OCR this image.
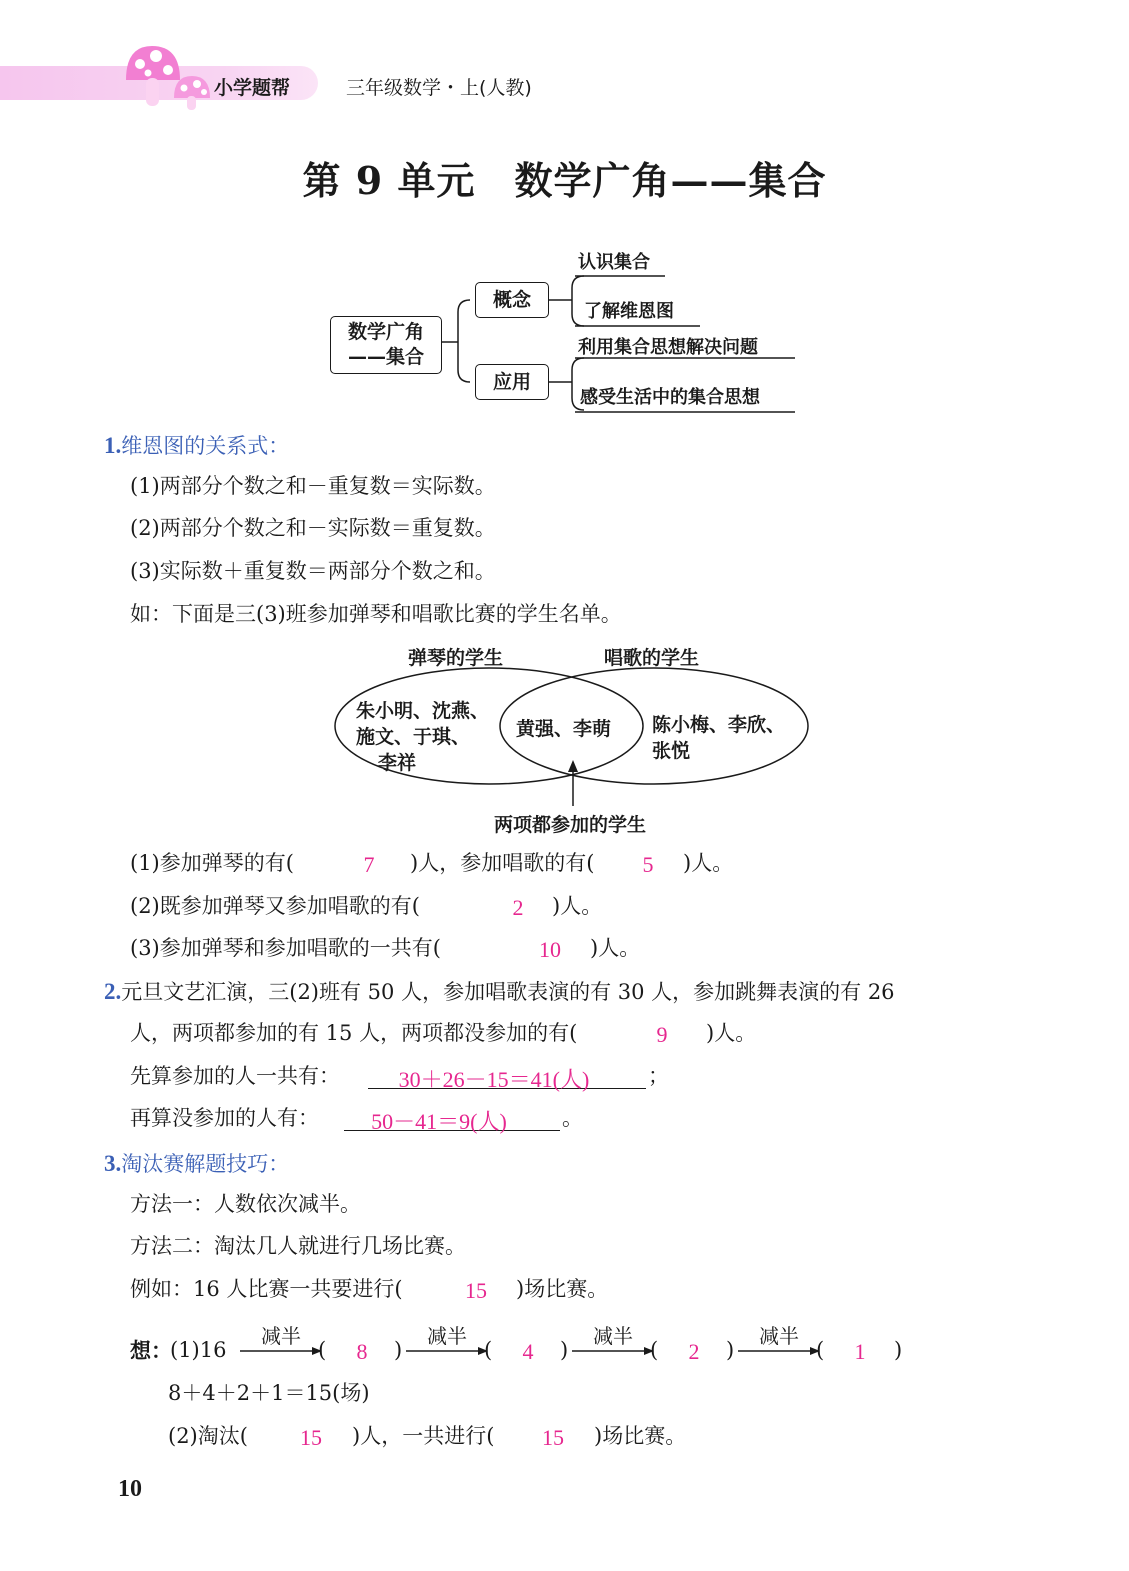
小学题帮	三年级数学・上(人教)
第 9 单元　数学广角——集合
数学广角
——集合
概念
应用
认识集合
了解维恩图
利用集合思想解决问题
感受生活中的集合思想
1.维恩图的关系式：
(1)两部分个数之和－重复数＝实际数。
(2)两部分个数之和－实际数＝重复数。
(3)实际数＋重复数＝两部分个数之和。
如：下面是三(3)班参加弹琴和唱歌比赛的学生名单。
弹琴的学生	唱歌的学生
朱小明、沈燕、
施文、于琪、
李祥
黄强、李萌 陈小梅、李欣、
张悦
两项都参加的学生
(1)参加弹琴的有(	7	)人，参加唱歌的有(	5	)人。
(2)既参加弹琴又参加唱歌的有(	2	)人。
(3)参加弹琴和参加唱歌的一共有(	10	)人。
2.元旦文艺汇演，三(2)班有 50 人，参加唱歌表演的有 30 人，参加跳舞表演的有 26
人，两项都参加的有 15 人，两项都没参加的有(	9	)人。
先算参加的人一共有：	30＋26－15＝41(人)	；
再算没参加的人有：	50－41＝9(人)	。
3.淘汰赛解题技巧：
方法一：人数依次减半。
方法二：淘汰几人就进行几场比赛。
例如：16 人比赛一共要进行(	15	)场比赛。
想：
(1)16
减半
(	8	)
减半
(	4	)
减半
(	2	)
减半
(	1	)
8＋4＋2＋1＝15(场)
(2)淘汰(	15	)人，一共进行(	15	)场比赛。
10
